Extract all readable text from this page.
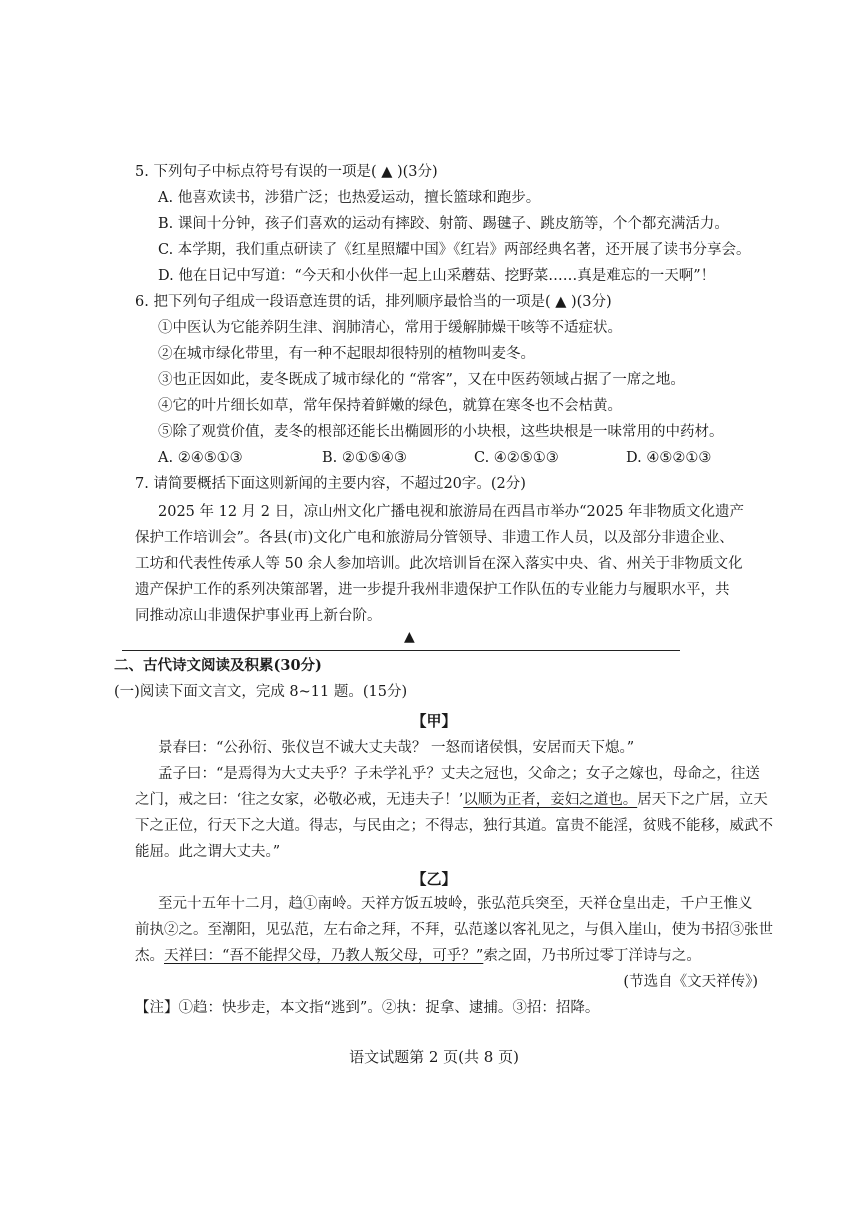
5. 下列句子中标点符号有误的一项是( ▲ )(3分)
A. 他喜欢读书，涉猎广泛；也热爱运动，擅长篮球和跑步。
B. 课间十分钟，孩子们喜欢的运动有摔跤、射箭、踢毽子、跳皮筋等，个个都充满活力。
C. 本学期，我们重点研读了《红星照耀中国》《红岩》两部经典名著，还开展了读书分享会。
D. 他在日记中写道：“今天和小伙伴一起上山采蘑菇、挖野菜……真是难忘的一天啊”！
6. 把下列句子组成一段语意连贯的话，排列顺序最恰当的一项是( ▲ )(3分)
①中医认为它能养阴生津、润肺清心，常用于缓解肺燥干咳等不适症状。
②在城市绿化带里，有一种不起眼却很特别的植物叫麦冬。
③也正因如此，麦冬既成了城市绿化的 “常客”，又在中医药领域占据了一席之地。
④它的叶片细长如草，常年保持着鲜嫩的绿色，就算在寒冬也不会枯黄。
⑤除了观赏价值，麦冬的根部还能长出椭圆形的小块根，这些块根是一味常用的中药材。
A. ②④⑤①③	B. ②①⑤④③	C. ④②⑤①③	D. ④⑤②①③
7. 请简要概括下面这则新闻的主要内容，不超过20字。(2分)
2025 年 12 月 2 日，凉山州文化广播电视和旅游局在西昌市举办“2025 年非物质文化遗产
保护工作培训会”。各县(市)文化广电和旅游局分管领导、非遗工作人员，以及部分非遗企业、
工坊和代表性传承人等 50 余人参加培训。此次培训旨在深入落实中央、省、州关于非物质文化
遗产保护工作的系列决策部署，进一步提升我州非遗保护工作队伍的专业能力与履职水平，共
同推动凉山非遗保护事业再上新台阶。
▲
二、古代诗文阅读及积累(30分)
(一)阅读下面文言文，完成 8~11 题。(15分)
【甲】
景春曰：“公孙衍、张仪岂不诚大丈夫哉？ 一怒而诸侯惧，安居而天下熄。”
孟子曰：“是焉得为大丈夫乎？子未学礼乎？丈夫之冠也，父命之；女子之嫁也，母命之，往送
之门，戒之曰：‘往之女家，必敬必戒，无违夫子！’以顺为正者，妾妇之道也。居天下之广居，立天
下之正位，行天下之大道。得志，与民由之；不得志，独行其道。富贵不能淫，贫贱不能移，威武不
能屈。此之谓大丈夫。”
【乙】
至元十五年十二月，趋①南岭。天祥方饭五坡岭，张弘范兵突至，天祥仓皇出走，千户王惟义
前执②之。至潮阳，见弘范，左右命之拜，不拜，弘范遂以客礼见之，与俱入崖山，使为书招③张世
杰。天祥曰：“吾不能捍父母，乃教人叛父母，可乎？”索之固，乃书所过零丁洋诗与之。
(节选自《文天祥传》)
【注】①趋：快步走，本文指“逃到”。②执：捉拿、逮捕。③招：招降。
语文试题第 2 页(共 8 页)
